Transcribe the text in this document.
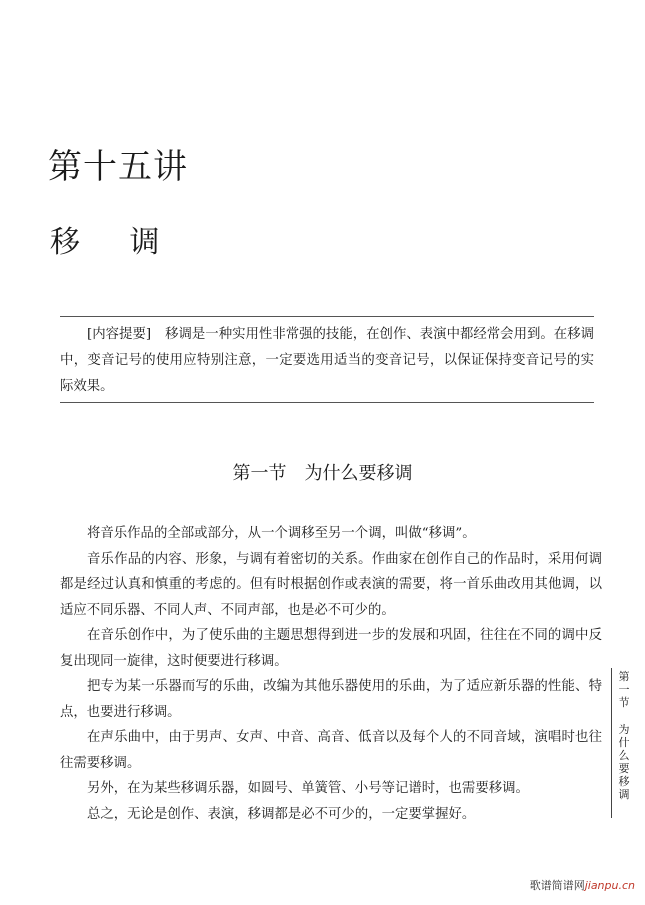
第十五讲
移 调

[内容提要] 移调是一种实用性非常强的技能，在创作、表演中都经常会用到。在移调中，变音记号的使用应特别注意，一定要选用适当的变音记号，以保证保持变音记号的实际效果。

第一节 为什么要移调

将音乐作品的全部或部分，从一个调移至另一个调，叫做“移调”。

音乐作品的内容、形象，与调有着密切的关系。作曲家在创作自己的作品时，采用何调都是经过认真和慎重的考虑的。但有时根据创作或表演的需要，将一首乐曲改用其他调，以适应不同乐器、不同人声、不同声部，也是必不可少的。

在音乐创作中，为了使乐曲的主题思想得到进一步的发展和巩固，往往在不同的调中反复出现同一旋律，这时便要进行移调。

把专为某一乐器而写的乐曲，改编为其他乐器使用的乐曲，为了适应新乐器的性能、特点，也要进行移调。

在声乐曲中，由于男声、女声、中音、高音、低音以及每个人的不同音域，演唱时也往往需要移调。

另外，在为某些移调乐器，如圆号、单簧管、小号等记谱时，也需要移调。

总之，无论是创作、表演，移调都是必不可少的，一定要掌握好。

第一节
为什么要移调
歌谱简谱网jianpu.cn
